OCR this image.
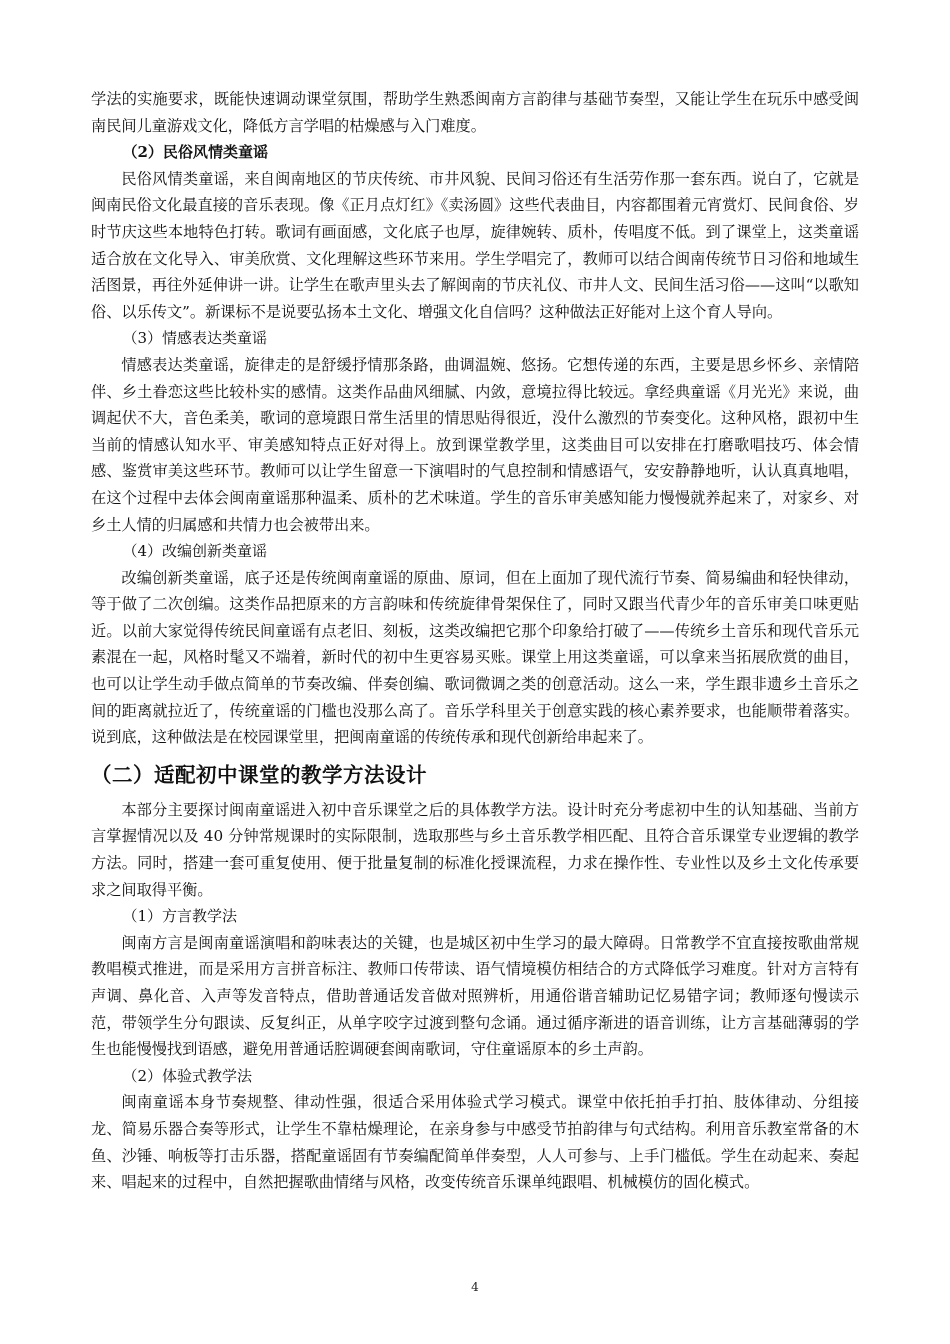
学法的实施要求，既能快速调动课堂氛围，帮助学生熟悉闽南方言韵律与基础节奏型，又能让学生在玩乐中感受闽南民间儿童游戏文化，降低方言学唱的枯燥感与入门难度。

（2）民俗风情类童谣

民俗风情类童谣，来自闽南地区的节庆传统、市井风貌、民间习俗还有生活劳作那一套东西。说白了，它就是闽南民俗文化最直接的音乐表现。像《正月点灯红》《卖汤圆》这些代表曲目，内容都围着元宵赏灯、民间食俗、岁时节庆这些本地特色打转。歌词有画面感，文化底子也厚，旋律婉转、质朴，传唱度不低。到了课堂上，这类童谣适合放在文化导入、审美欣赏、文化理解这些环节来用。学生学唱完了，教师可以结合闽南传统节日习俗和地域生活图景，再往外延伸讲一讲。让学生在歌声里头去了解闽南的节庆礼仪、市井人文、民间生活习俗——这叫“以歌知俗、以乐传文”。新课标不是说要弘扬本土文化、增强文化自信吗？这种做法正好能对上这个育人导向。

（3）情感表达类童谣

情感表达类童谣，旋律走的是舒缓抒情那条路，曲调温婉、悠扬。它想传递的东西，主要是思乡怀乡、亲情陪伴、乡土眷恋这些比较朴实的感情。这类作品曲风细腻、内敛，意境拉得比较远。拿经典童谣《月光光》来说，曲调起伏不大，音色柔美，歌词的意境跟日常生活里的情思贴得很近，没什么激烈的节奏变化。这种风格，跟初中生当前的情感认知水平、审美感知特点正好对得上。放到课堂教学里，这类曲目可以安排在打磨歌唱技巧、体会情感、鉴赏审美这些环节。教师可以让学生留意一下演唱时的气息控制和情感语气，安安静静地听，认认真真地唱，在这个过程中去体会闽南童谣那种温柔、质朴的艺术味道。学生的音乐审美感知能力慢慢就养起来了，对家乡、对乡土人情的归属感和共情力也会被带出来。

（4）改编创新类童谣

改编创新类童谣，底子还是传统闽南童谣的原曲、原词，但在上面加了现代流行节奏、简易编曲和轻快律动，等于做了二次创编。这类作品把原来的方言韵味和传统旋律骨架保住了，同时又跟当代青少年的音乐审美口味更贴近。以前大家觉得传统民间童谣有点老旧、刻板，这类改编把它那个印象给打破了——传统乡土音乐和现代音乐元素混在一起，风格时髦又不端着，新时代的初中生更容易买账。课堂上用这类童谣，可以拿来当拓展欣赏的曲目，也可以让学生动手做点简单的节奏改编、伴奏创编、歌词微调之类的创意活动。这么一来，学生跟非遗乡土音乐之间的距离就拉近了，传统童谣的门槛也没那么高了。音乐学科里关于创意实践的核心素养要求，也能顺带着落实。说到底，这种做法是在校园课堂里，把闽南童谣的传统传承和现代创新给串起来了。

（二）适配初中课堂的教学方法设计

本部分主要探讨闽南童谣进入初中音乐课堂之后的具体教学方法。设计时充分考虑初中生的认知基础、当前方言掌握情况以及 40 分钟常规课时的实际限制，选取那些与乡土音乐教学相匹配、且符合音乐课堂专业逻辑的教学方法。同时，搭建一套可重复使用、便于批量复制的标准化授课流程，力求在操作性、专业性以及乡土文化传承要求之间取得平衡。

（1）方言教学法

闽南方言是闽南童谣演唱和韵味表达的关键，也是城区初中生学习的最大障碍。日常教学不宜直接按歌曲常规教唱模式推进，而是采用方言拼音标注、教师口传带读、语气情境模仿相结合的方式降低学习难度。针对方言特有声调、鼻化音、入声等发音特点，借助普通话发音做对照辨析，用通俗谐音辅助记忆易错字词；教师逐句慢读示范，带领学生分句跟读、反复纠正，从单字咬字过渡到整句念诵。通过循序渐进的语音训练，让方言基础薄弱的学生也能慢慢找到语感，避免用普通话腔调硬套闽南歌词，守住童谣原本的乡土声韵。

（2）体验式教学法

闽南童谣本身节奏规整、律动性强，很适合采用体验式学习模式。课堂中依托拍手打拍、肢体律动、分组接龙、简易乐器合奏等形式，让学生不靠枯燥理论，在亲身参与中感受节拍韵律与句式结构。利用音乐教室常备的木鱼、沙锤、响板等打击乐器，搭配童谣固有节奏编配简单伴奏型，人人可参与、上手门槛低。学生在动起来、奏起来、唱起来的过程中，自然把握歌曲情绪与风格，改变传统音乐课单纯跟唱、机械模仿的固化模式。

4
